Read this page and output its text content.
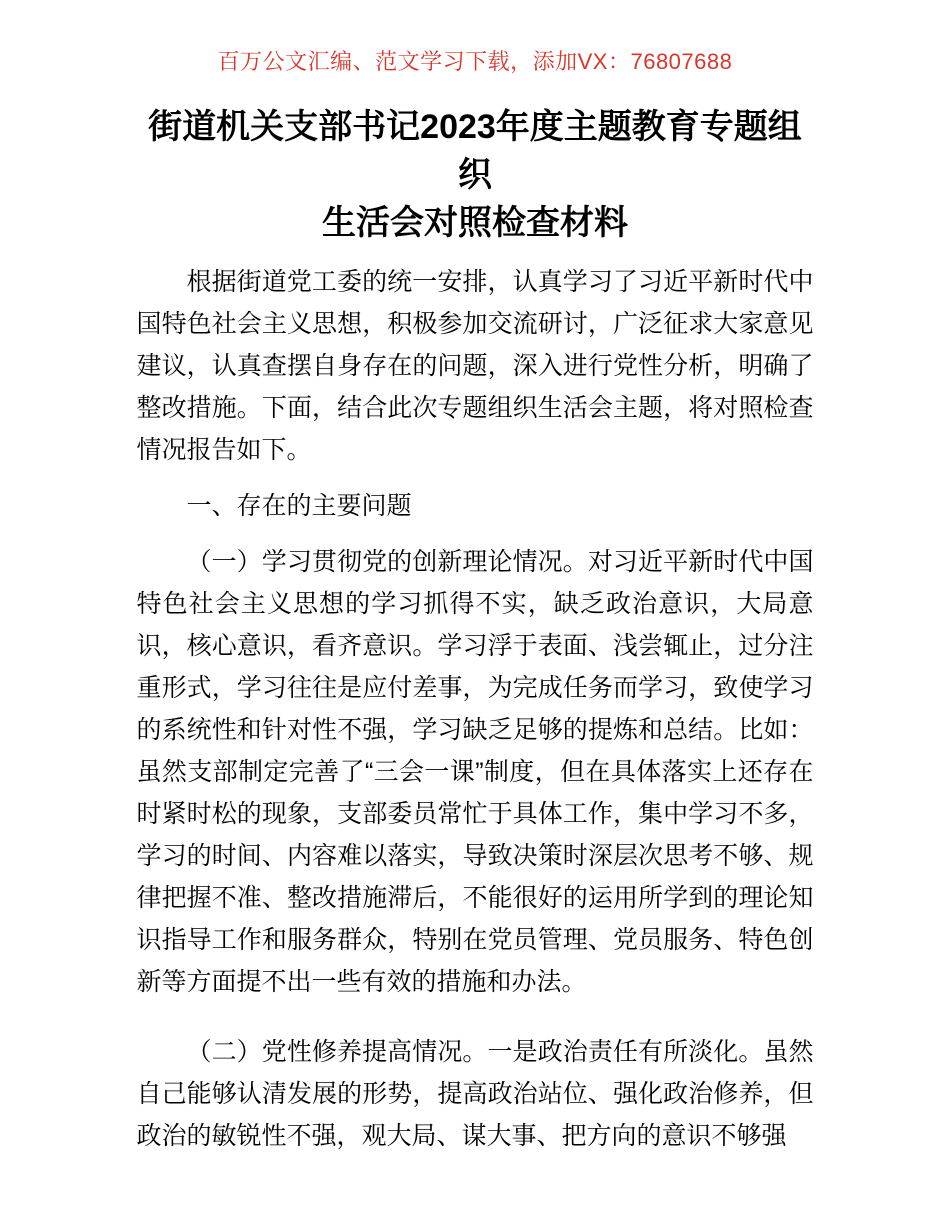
百万公文汇编、范文学习下载，添加VX：76807688
街道机关支部书记2023年度主题教育专题组织
生活会对照检查材料

根据街道党工委的统一安排，认真学习了习近平新时代中国特色社会主义思想，积极参加交流研讨，广泛征求大家意见建议，认真查摆自身存在的问题，深入进行党性分析，明确了整改措施。下面，结合此次专题组织生活会主题，将对照检查情况报告如下。

一、存在的主要问题

（一）学习贯彻党的创新理论情况。对习近平新时代中国特色社会主义思想的学习抓得不实，缺乏政治意识，大局意识，核心意识，看齐意识。学习浮于表面、浅尝辄止，过分注重形式，学习往往是应付差事，为完成任务而学习，致使学习的系统性和针对性不强，学习缺乏足够的提炼和总结。比如：虽然支部制定完善了“三会一课”制度，但在具体落实上还存在时紧时松的现象，支部委员常忙于具体工作，集中学习不多，学习的时间、内容难以落实，导致决策时深层次思考不够、规律把握不准、整改措施滞后，不能很好的运用所学到的理论知识指导工作和服务群众，特别在党员管理、党员服务、特色创新等方面提不出一些有效的措施和办法。

（二）党性修养提高情况。一是政治责任有所淡化。虽然自己能够认清发展的形势，提高政治站位、强化政治修养，但政治的敏锐性不强，观大局、谋大事、把方向的意识不够强
